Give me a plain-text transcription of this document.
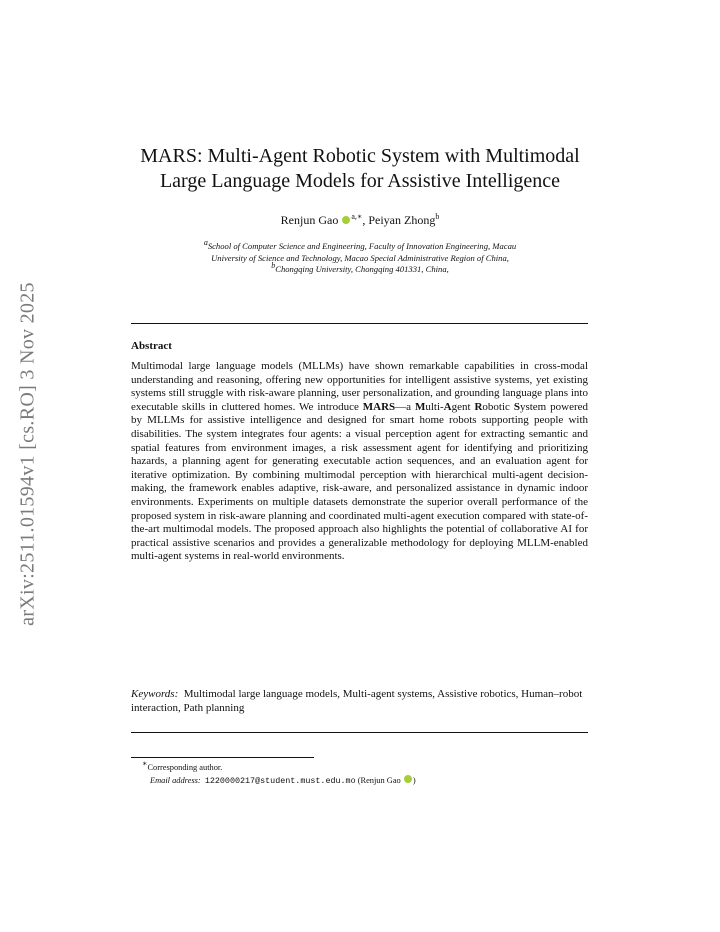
arXiv:2511.01594v1 [cs.RO] 3 Nov 2025
MARS: Multi-Agent Robotic System with Multimodal
Large Language Models for Assistive Intelligence
Renjun Gao $^{a,∗}$, Peiyan Zhong$^b$
$^a$School of Computer Science and Engineering, Faculty of Innovation Engineering, Macau
University of Science and Technology, Macao Special Administrative Region of China,
$^b$Chongqing University, Chongqing 401331, China,
Abstract

Multimodal large language models (MLLMs) have shown remarkable capabilities in cross-modal understanding and reasoning, offering new opportunities for intelligent assistive systems, yet existing systems still struggle with risk-aware planning, user personalization, and grounding language plans into executable skills in cluttered homes. We introduce MARS—a Multi-Agent Robotic System powered by MLLMs for assistive intelligence and designed for smart home robots supporting people with disabilities. The system integrates four agents: a visual perception agent for extracting semantic and spatial features from environment images, a risk assessment agent for identifying and prioritizing hazards, a planning agent for generating executable action sequences, and an evaluation agent for iterative optimization. By combining multimodal perception with hierarchical multi-agent decision-making, the framework enables adaptive, risk-aware, and personalized assistance in dynamic indoor environments. Experiments on multiple datasets demonstrate the superior overall performance of the proposed system in risk-aware planning and coordinated multi-agent execution compared with state-of-the-art multimodal models. The proposed approach also highlights the potential of collaborative AI for practical assistive scenarios and provides a generalizable methodology for deploying MLLM-enabled multi-agent systems in real-world environments.

Keywords: Multimodal large language models, Multi-agent systems, Assistive robotics, Human–robot interaction, Path planning
∗Corresponding author.
Email address: 1220000217@student.must.edu.mo (Renjun Gao )
